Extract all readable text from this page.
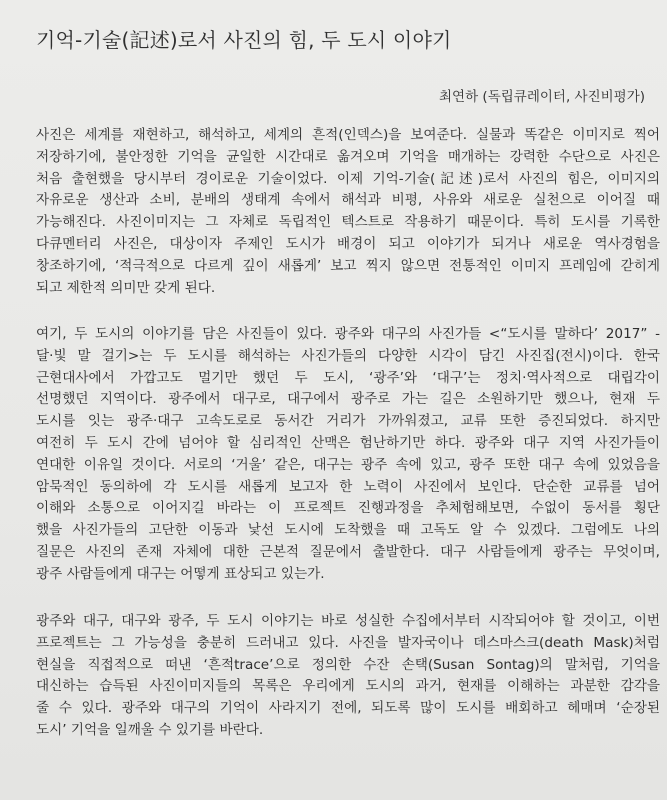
기억-기술(記述)로서 사진의 힘, 두 도시 이야기
최연하 (독립큐레이터, 사진비평가)
사진은 세계를 재현하고, 해석하고, 세계의 흔적(인덱스)을 보여준다. 실물과 똑같은 이미지로 찍어
저장하기에, 불안정한 기억을 균일한 시간대로 옮겨오며 기억을 매개하는 강력한 수단으로 사진은
처음 출현했을 당시부터 경이로운 기술이었다. 이제 기억-기술(記述)로서 사진의 힘은, 이미지의
자유로운 생산과 소비, 분배의 생태계 속에서 해석과 비평, 사유와 새로운 실천으로 이어질 때
가능해진다. 사진이미지는 그 자체로 독립적인 텍스트로 작용하기 때문이다. 특히 도시를 기록한
다큐멘터리 사진은, 대상이자 주제인 도시가 배경이 되고 이야기가 되거나 새로운 역사경험을
창조하기에, ‘적극적으로 다르게 깊이 새롭게’ 보고 찍지 않으면 전통적인 이미지 프레임에 갇히게
되고 제한적 의미만 갖게 된다.
여기, 두 도시의 이야기를 담은 사진들이 있다. 광주와 대구의 사진가들 <“도시를 말하다’ 2017” -
달·빛 말 걸기>는 두 도시를 해석하는 사진가들의 다양한 시각이 담긴 사진집(전시)이다. 한국
근현대사에서 가깝고도 멀기만 했던 두 도시, ‘광주’와 ‘대구’는 정치·역사적으로 대립각이
선명했던 지역이다. 광주에서 대구로, 대구에서 광주로 가는 길은 소원하기만 했으나, 현재 두
도시를 잇는 광주·대구 고속도로로 동서간 거리가 가까워졌고, 교류 또한 증진되었다. 하지만
여전히 두 도시 간에 넘어야 할 심리적인 산맥은 험난하기만 하다. 광주와 대구 지역 사진가들이
연대한 이유일 것이다. 서로의 ‘거울’ 같은, 대구는 광주 속에 있고, 광주 또한 대구 속에 있었음을
암묵적인 동의하에 각 도시를 새롭게 보고자 한 노력이 사진에서 보인다. 단순한 교류를 넘어
이해와 소통으로 이어지길 바라는 이 프로젝트 진행과정을 추체험해보면, 수없이 동서를 횡단
했을 사진가들의 고단한 이동과 낯선 도시에 도착했을 때 고독도 알 수 있겠다. 그럼에도 나의
질문은 사진의 존재 자체에 대한 근본적 질문에서 출발한다. 대구 사람들에게 광주는 무엇이며,
광주 사람들에게 대구는 어떻게 표상되고 있는가.
광주와 대구, 대구와 광주, 두 도시 이야기는 바로 성실한 수집에서부터 시작되어야 할 것이고, 이번
프로젝트는 그 가능성을 충분히 드러내고 있다. 사진을 발자국이나 데스마스크(death Mask)처럼
현실을 직접적으로 떠낸 ‘흔적trace’으로 정의한 수잔 손택(Susan Sontag)의 말처럼, 기억을
대신하는 습득된 사진이미지들의 목록은 우리에게 도시의 과거, 현재를 이해하는 과분한 감각을
줄 수 있다. 광주와 대구의 기억이 사라지기 전에, 되도록 많이 도시를 배회하고 헤매며 ‘순장된
도시’ 기억을 일깨울 수 있기를 바란다.
